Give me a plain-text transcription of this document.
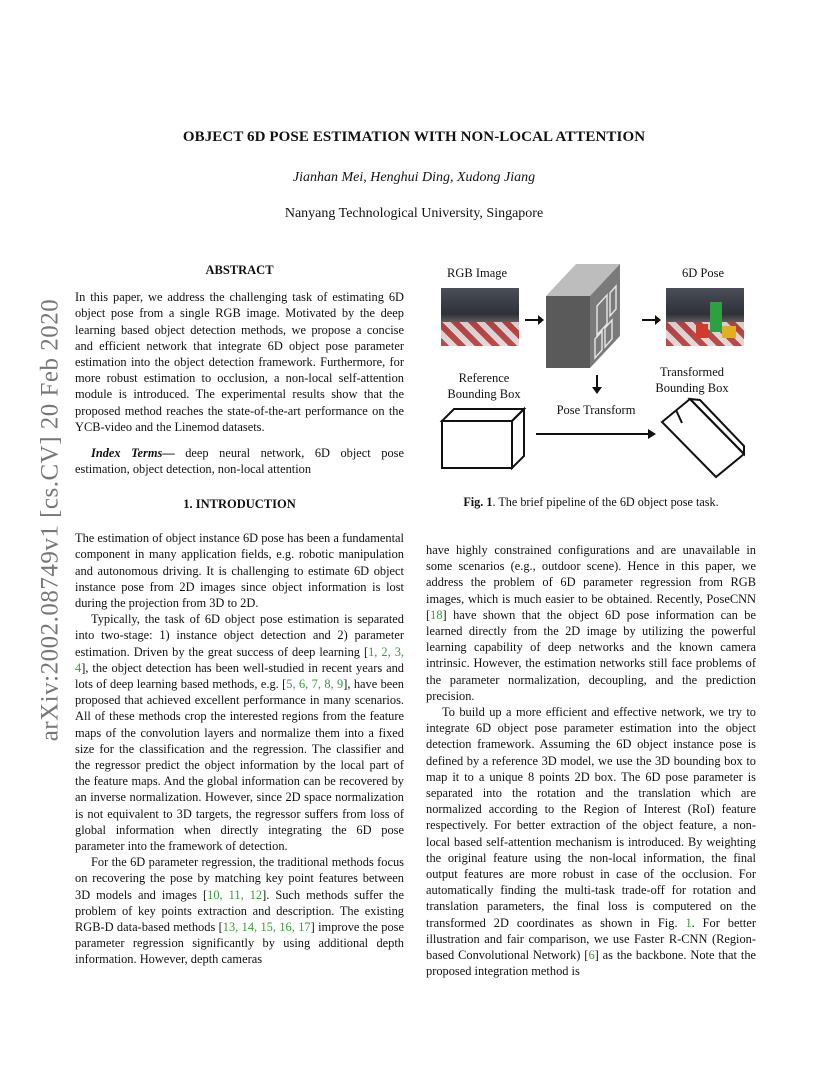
arXiv:2002.08749v1 [cs.CV] 20 Feb 2020
OBJECT 6D POSE ESTIMATION WITH NON-LOCAL ATTENTION
Jianhan Mei, Henghui Ding, Xudong Jiang
Nanyang Technological University, Singapore
ABSTRACT

In this paper, we address the challenging task of estimating 6D object pose from a single RGB image. Motivated by the deep learning based object detection methods, we propose a concise and efficient network that integrate 6D object pose parameter estimation into the object detection framework. Furthermore, for more robust estimation to occlusion, a non-local self-attention module is introduced. The experimental results show that the proposed method reaches the state-of-the-art performance on the YCB-video and the Linemod datasets.

Index Terms— deep neural network, 6D object pose estimation, object detection, non-local attention

1. INTRODUCTION

The estimation of object instance 6D pose has been a fundamental component in many application fields, e.g. robotic manipulation and autonomous driving. It is challenging to estimate 6D object instance pose from 2D images since object information is lost during the projection from 3D to 2D.

Typically, the task of 6D object pose estimation is separated into two-stage: 1) instance object detection and 2) parameter estimation. Driven by the great success of deep learning [1, 2, 3, 4], the object detection has been well-studied in recent years and lots of deep learning based methods, e.g. [5, 6, 7, 8, 9], have been proposed that achieved excellent performance in many scenarios. All of these methods crop the interested regions from the feature maps of the convolution layers and normalize them into a fixed size for the classification and the regression. The classifier and the regressor predict the object information by the local part of the feature maps. And the global information can be recovered by an inverse normalization. However, since 2D space normalization is not equivalent to 3D targets, the regressor suffers from loss of global information when directly integrating the 6D pose parameter into the framework of detection.

For the 6D parameter regression, the traditional methods focus on recovering the pose by matching key point features between 3D models and images [10, 11, 12]. Such methods suffer the problem of key points extraction and description. The existing RGB-D data-based methods [13, 14, 15, 16, 17] improve the pose parameter regression significantly by using additional depth information. However, depth cameras

RGB Image	6D Pose
Reference Bounding Box
Transformed Bounding Box
Pose Transform
Fig. 1. The brief pipeline of the 6D object pose task.

have highly constrained configurations and are unavailable in some scenarios (e.g., outdoor scene). Hence in this paper, we address the problem of 6D parameter regression from RGB images, which is much easier to be obtained. Recently, PoseCNN [18] have shown that the object 6D pose information can be learned directly from the 2D image by utilizing the powerful learning capability of deep networks and the known camera intrinsic. However, the estimation networks still face problems of the parameter normalization, decoupling, and the prediction precision.

To build up a more efficient and effective network, we try to integrate 6D object pose parameter estimation into the object detection framework. Assuming the 6D object instance pose is defined by a reference 3D model, we use the 3D bounding box to map it to a unique 8 points 2D box. The 6D pose parameter is separated into the rotation and the translation which are normalized according to the Region of Interest (RoI) feature respectively. For better extraction of the object feature, a non-local based self-attention mechanism is introduced. By weighting the original feature using the non-local information, the final output features are more robust in case of the occlusion. For automatically finding the multi-task trade-off for rotation and translation parameters, the final loss is computered on the transformed 2D coordinates as shown in Fig. 1. For better illustration and fair comparison, we use Faster R-CNN (Region-based Convolutional Network) [6] as the backbone. Note that the proposed integration method is
